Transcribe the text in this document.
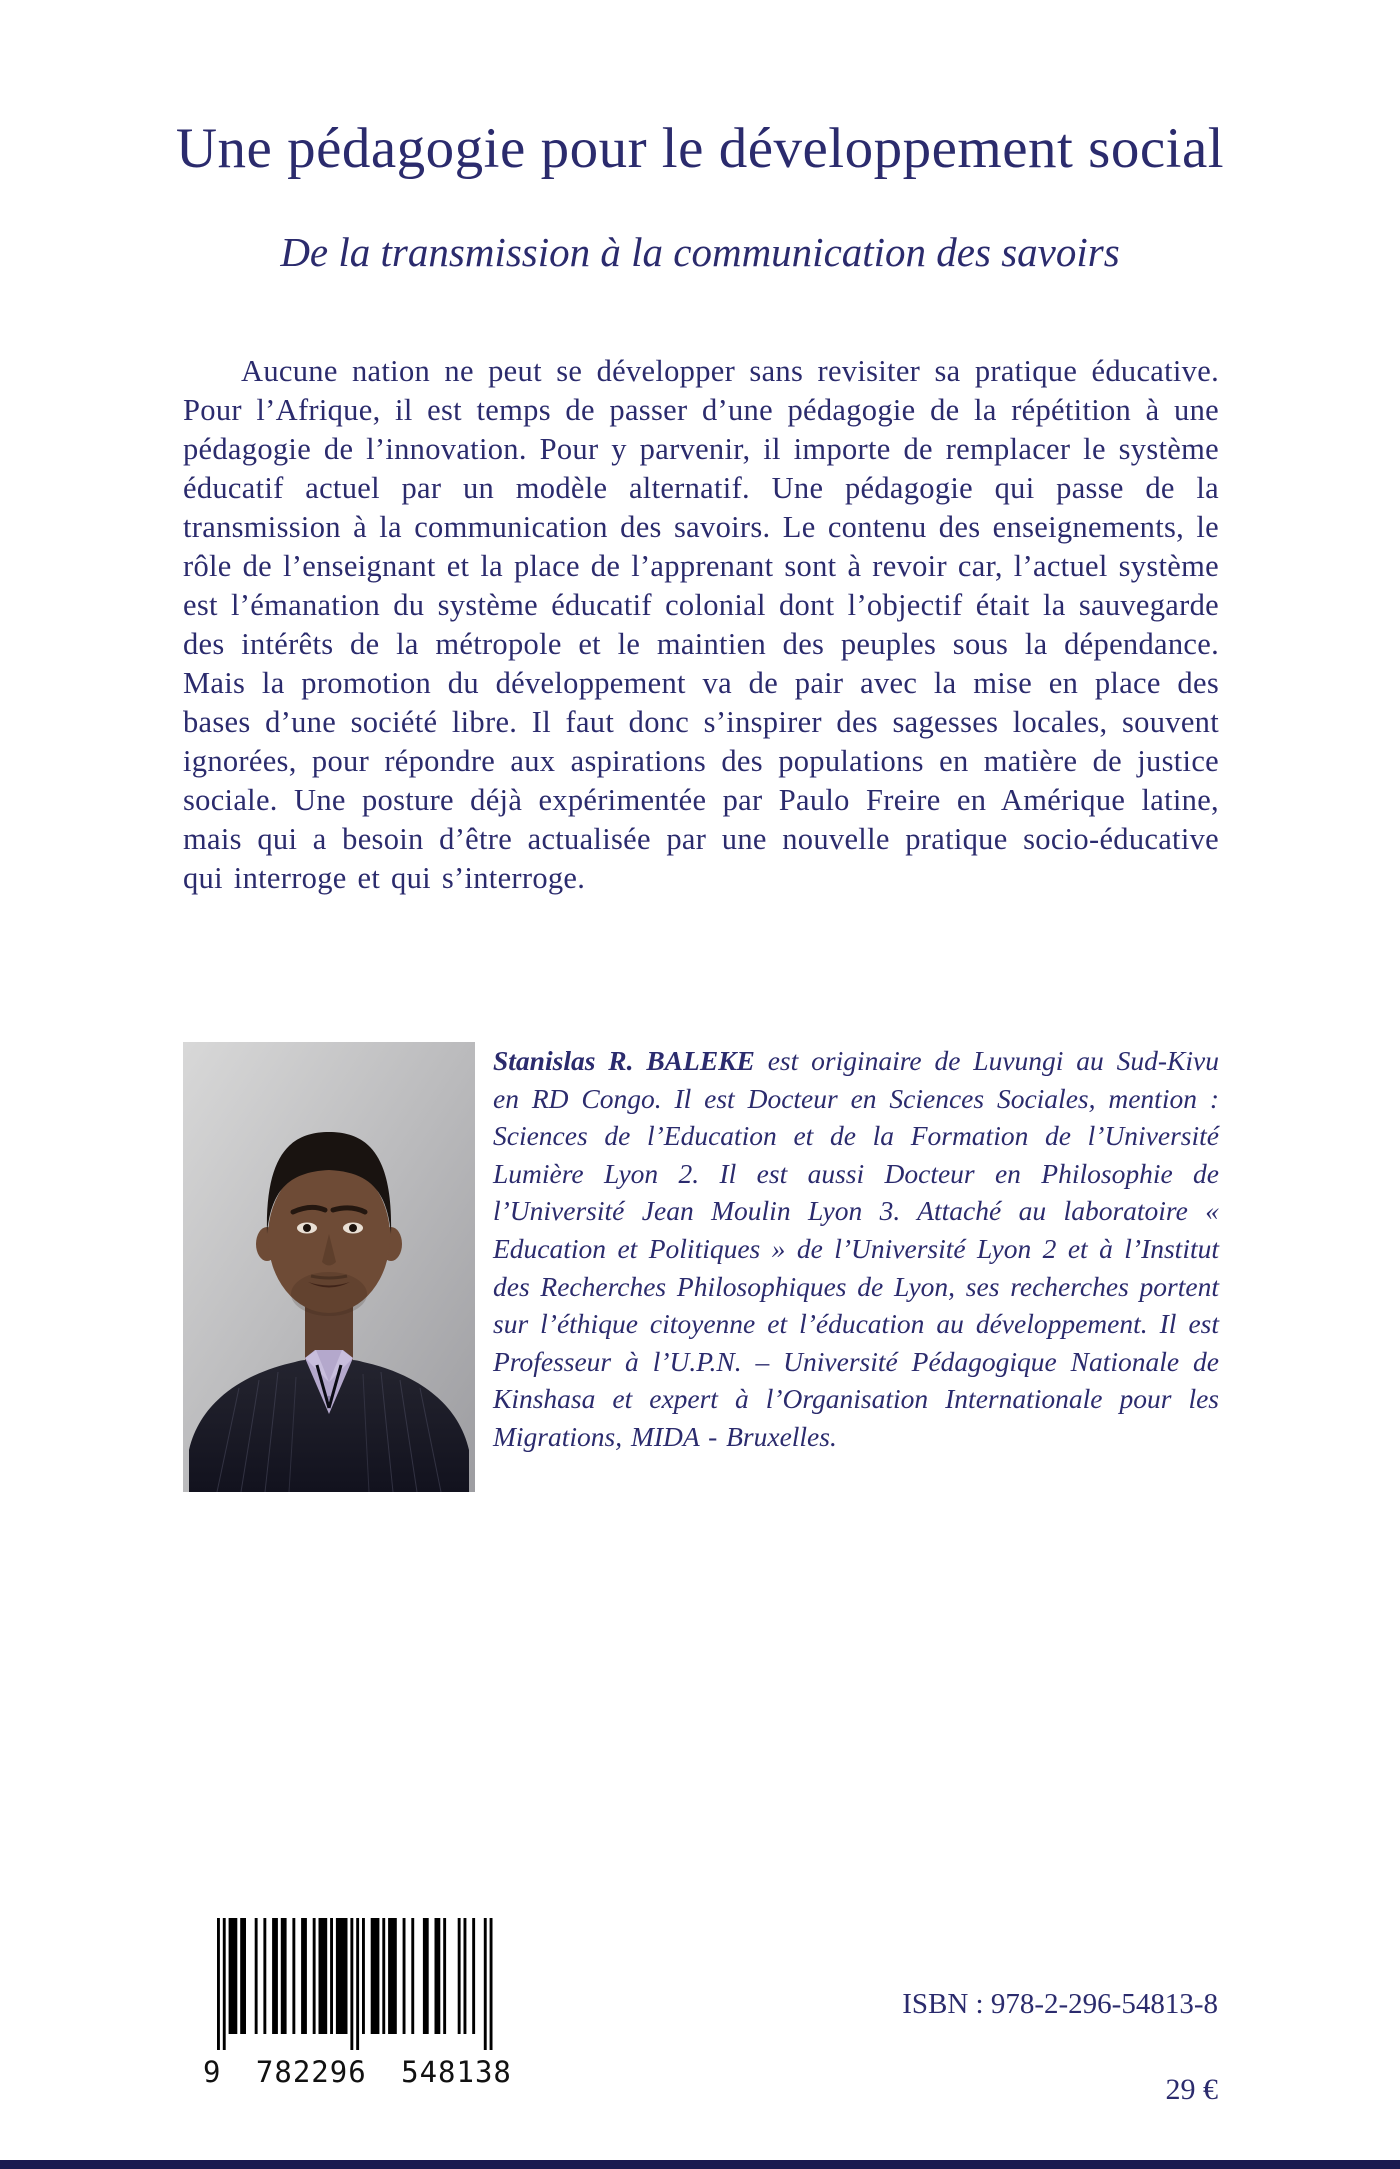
Une pédagogie pour le développement social
De la transmission à la communication des savoirs

Aucune nation ne peut se développer sans revisiter sa pratique éducative. Pour l’Afrique, il est temps de passer d’une pédagogie de la répétition à une pédagogie de l’innovation. Pour y parvenir, il importe de remplacer le système éducatif actuel par un modèle alternatif. Une pédagogie qui passe de la transmission à la communication des savoirs. Le contenu des enseignements, le rôle de l’enseignant et la place de l’apprenant sont à revoir car, l’actuel système est l’émanation du système éducatif colonial dont l’objectif était la sauvegarde des intérêts de la métropole et le maintien des peuples sous la dépendance. Mais la promotion du développement va de pair avec la mise en place des bases d’une société libre. Il faut donc s’inspirer des sagesses locales, souvent ignorées, pour répondre aux aspirations des populations en matière de justice sociale. Une posture déjà expérimentée par Paulo Freire en Amérique latine, mais qui a besoin d’être actualisée par une nouvelle pratique socio-éducative qui interroge et qui s’interroge.

Stanislas R. BALEKE est originaire de Luvungi au Sud-Kivu en RD Congo. Il est Docteur en Sciences Sociales, mention : Sciences de l’Education et de la Formation de l’Université Lumière Lyon 2. Il est aussi Docteur en Philosophie de l’Université Jean Moulin Lyon 3. Attaché au laboratoire « Education et Politiques » de l’Université Lyon 2 et à l’Institut des Recherches Philosophiques de Lyon, ses recherches portent sur l’éthique citoyenne et l’éducation au développement. Il est Professeur à l’U.P.N. – Université Pédagogique Nationale de Kinshasa et expert à l’Organisation Internationale pour les Migrations, MIDA - Bruxelles.

9 782296 548138
ISBN : 978-2-296-54813-8
29 €
